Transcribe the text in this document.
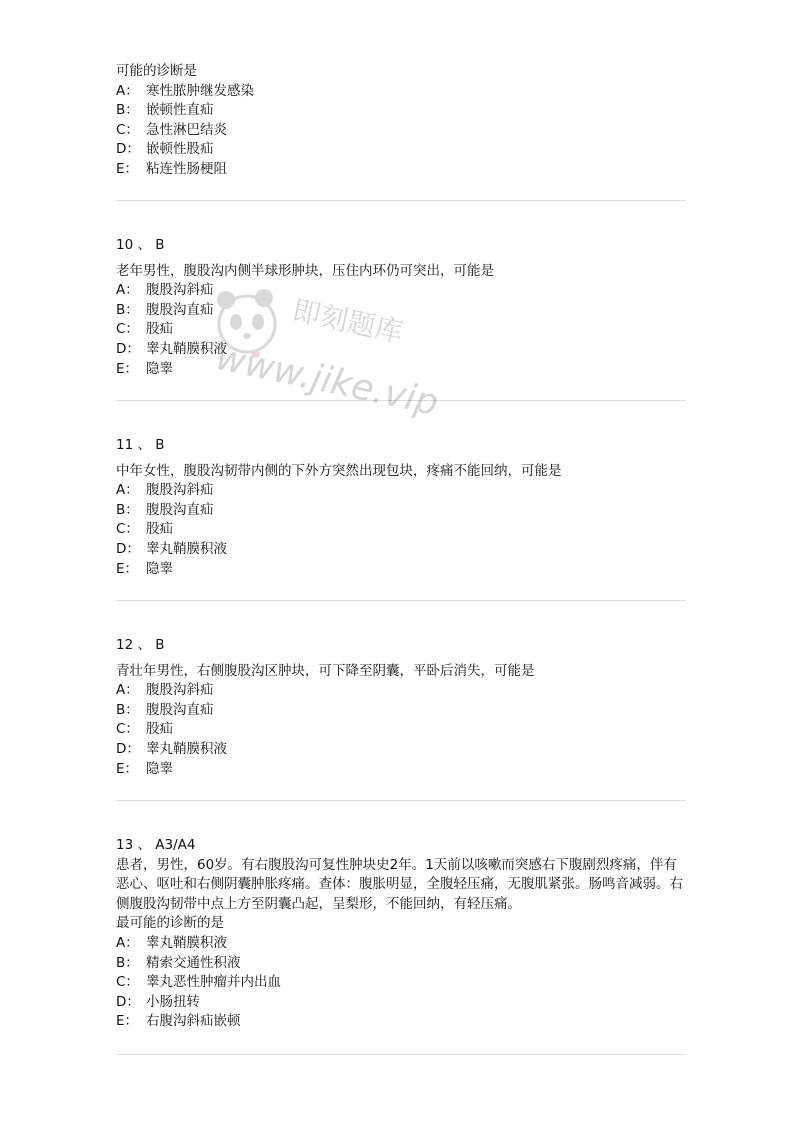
可能的诊断是
A： 寒性脓肿继发感染
B： 嵌顿性直疝
C： 急性淋巴结炎
D： 嵌顿性股疝
E： 粘连性肠梗阻
10 、 B
老年男性，腹股沟内侧半球形肿块，压住内环仍可突出，可能是
A： 腹股沟斜疝
B： 腹股沟直疝
C： 股疝
D： 睾丸鞘膜积液
E： 隐睾
11 、 B
中年女性，腹股沟韧带内侧的下外方突然出现包块，疼痛不能回纳，可能是
A： 腹股沟斜疝
B： 腹股沟直疝
C： 股疝
D： 睾丸鞘膜积液
E： 隐睾
12 、 B
青壮年男性，右侧腹股沟区肿块，可下降至阴囊，平卧后消失，可能是
A： 腹股沟斜疝
B： 腹股沟直疝
C： 股疝
D： 睾丸鞘膜积液
E： 隐睾
13 、 A3/A4
患者，男性，60岁。有右腹股沟可复性肿块史2年。1天前以咳嗽而突感右下腹剧烈疼痛，伴有恶心、呕吐和右侧阴囊肿胀疼痛。查体：腹胀明显，全腹轻压痛，无腹肌紧张。肠鸣音减弱。右侧腹股沟韧带中点上方至阴囊凸起，呈梨形，不能回纳，有轻压痛。
最可能的诊断的是
A： 睾丸鞘膜积液
B： 精索交通性积液
C： 睾丸恶性肿瘤并内出血
D： 小肠扭转
E： 右腹沟斜疝嵌顿
即刻题库
www.jike.vip
